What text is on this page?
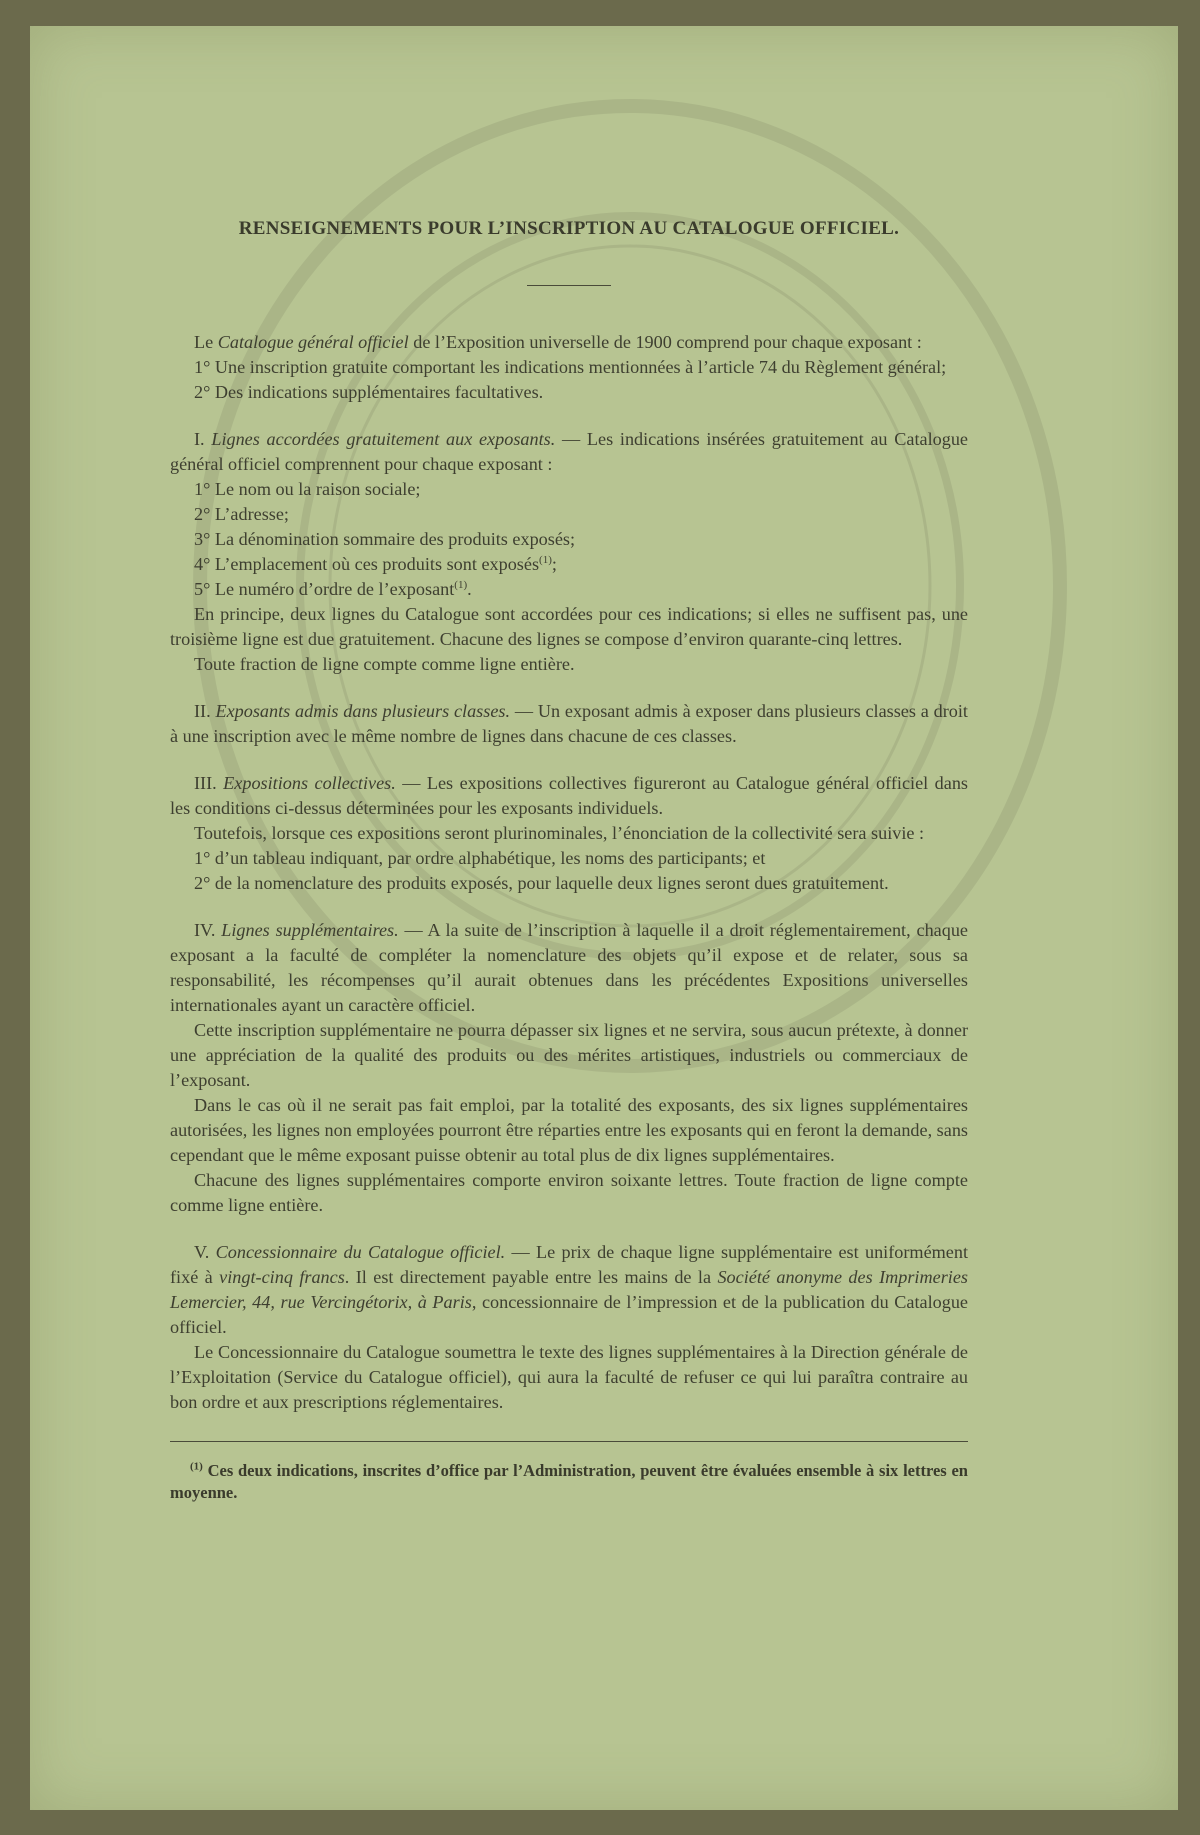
RENSEIGNEMENTS POUR L’INSCRIPTION AU CATALOGUE OFFICIEL.

Le Catalogue général officiel de l’Exposition universelle de 1900 comprend pour chaque exposant :

1° Une inscription gratuite comportant les indications mentionnées à l’article 74 du Règlement général;

2° Des indications supplémentaires facultatives.

I. Lignes accordées gratuitement aux exposants. — Les indications insérées gratuitement au Catalogue général officiel comprennent pour chaque exposant :

1° Le nom ou la raison sociale;

2° L’adresse;

3° La dénomination sommaire des produits exposés;

4° L’emplacement où ces produits sont exposés$^{(1)}$;

5° Le numéro d’ordre de l’exposant$^{(1)}$.

En principe, deux lignes du Catalogue sont accordées pour ces indications; si elles ne suffisent pas, une troisième ligne est due gratuitement. Chacune des lignes se compose d’environ quarante-cinq lettres.

Toute fraction de ligne compte comme ligne entière.

II. Exposants admis dans plusieurs classes. — Un exposant admis à exposer dans plusieurs classes a droit à une inscription avec le même nombre de lignes dans chacune de ces classes.

III. Expositions collectives. — Les expositions collectives figureront au Catalogue général officiel dans les conditions ci-dessus déterminées pour les exposants individuels.

Toutefois, lorsque ces expositions seront plurinominales, l’énonciation de la collectivité sera suivie :

1° d’un tableau indiquant, par ordre alphabétique, les noms des participants; et

2° de la nomenclature des produits exposés, pour laquelle deux lignes seront dues gratuitement.

IV. Lignes supplémentaires. — A la suite de l’inscription à laquelle il a droit réglementairement, chaque exposant a la faculté de compléter la nomenclature des objets qu’il expose et de relater, sous sa responsabilité, les récompenses qu’il aurait obtenues dans les précédentes Expositions universelles internationales ayant un caractère officiel.

Cette inscription supplémentaire ne pourra dépasser six lignes et ne servira, sous aucun prétexte, à donner une appréciation de la qualité des produits ou des mérites artistiques, industriels ou commerciaux de l’exposant.

Dans le cas où il ne serait pas fait emploi, par la totalité des exposants, des six lignes supplémentaires autorisées, les lignes non employées pourront être réparties entre les exposants qui en feront la demande, sans cependant que le même exposant puisse obtenir au total plus de dix lignes supplémentaires.

Chacune des lignes supplémentaires comporte environ soixante lettres. Toute fraction de ligne compte comme ligne entière.

V. Concessionnaire du Catalogue officiel. — Le prix de chaque ligne supplémentaire est uniformément fixé à vingt-cinq francs. Il est directement payable entre les mains de la Société anonyme des Imprimeries Lemercier, 44, rue Vercingétorix, à Paris, concessionnaire de l’impression et de la publication du Catalogue officiel.

Le Concessionnaire du Catalogue soumettra le texte des lignes supplémentaires à la Direction générale de l’Exploitation (Service du Catalogue officiel), qui aura la faculté de refuser ce qui lui paraîtra contraire au bon ordre et aux prescriptions réglementaires.

$^{(1)}$ Ces deux indications, inscrites d’office par l’Administration, peuvent être évaluées ensemble à six lettres en moyenne.
